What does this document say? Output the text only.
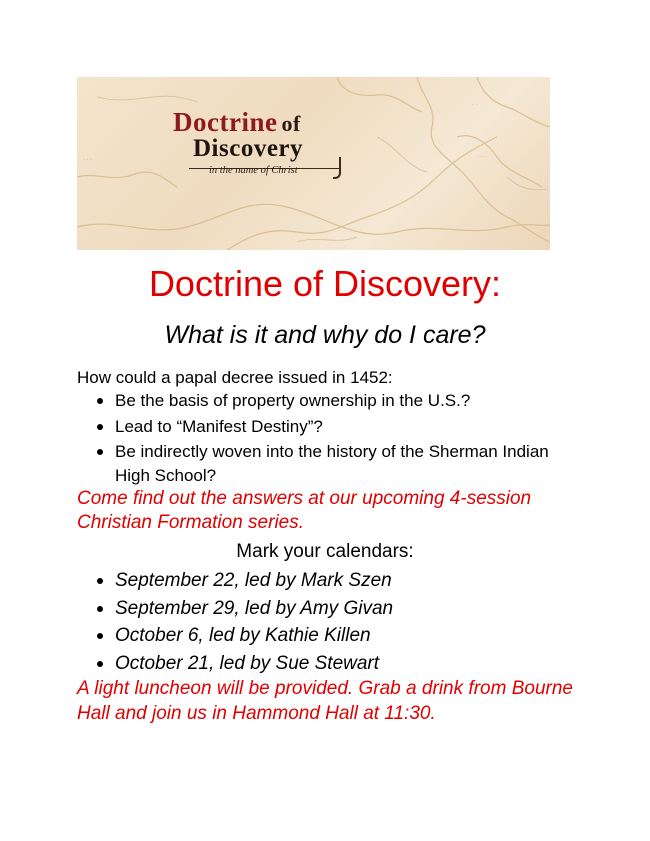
· · ·	· · ·
· ·
Doctrine of
Discovery
in the name of Christ
Doctrine of Discovery:
What is it and why do I care?
How could a papal decree issued in 1452:
Be the basis of property ownership in the U.S.?
Lead to “Manifest Destiny”?
Be indirectly woven into the history of the Sherman Indian High School?
Come find out the answers at our upcoming 4-session Christian Formation series.
Mark your calendars:
September 22, led by Mark Szen
September 29, led by Amy Givan
October 6, led by Kathie Killen
October 21, led by Sue Stewart
A light luncheon will be provided. Grab a drink from Bourne Hall and join us in Hammond Hall at 11:30.
